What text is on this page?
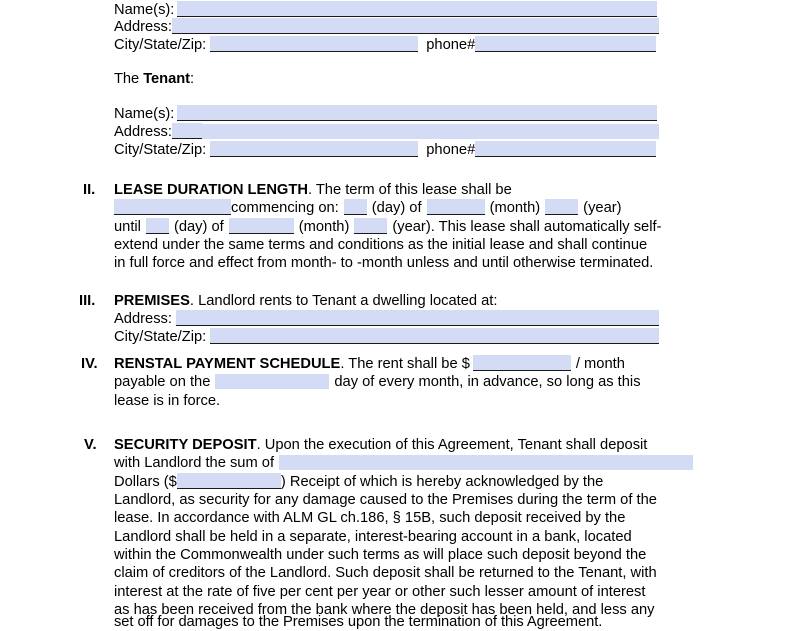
Name(s):
Address:
City/State/Zip:	phone#
The Tenant:
Name(s):
Address:
City/State/Zip:	phone#
II. LEASE DURATION LENGTH. The term of this lease shall be
commencing on: (day) of	(month)	(year)
until (day) of	(month)	(year). This lease shall automatically self-
extend under the same terms and conditions as the initial lease and shall continue
in full force and effect from month- to -month unless and until otherwise terminated.
III. PREMISES. Landlord rents to Tenant a dwelling located at:
Address:
City/State/Zip:
IV. RENSTAL PAYMENT SCHEDULE. The rent shall be $	/ month
payable on the	day of every month, in advance, so long as this
lease is in force.
V. SECURITY DEPOSIT. Upon the execution of this Agreement, Tenant shall deposit
with Landlord the sum of
Dollars ($	) Receipt of which is hereby acknowledged by the
Landlord, as security for any damage caused to the Premises during the term of the
lease. In accordance with ALM GL ch.186, § 15B, such deposit received by the
Landlord shall be held in a separate, interest-bearing account in a bank, located
within the Commonwealth under such terms as will place such deposit beyond the
claim of creditors of the Landlord. Such deposit shall be returned to the Tenant, with
interest at the rate of five per cent per year or other such lesser amount of interest
as has been received from the bank where the deposit has been held, and less any
set off for damages to the Premises upon the termination of this Agreement.
